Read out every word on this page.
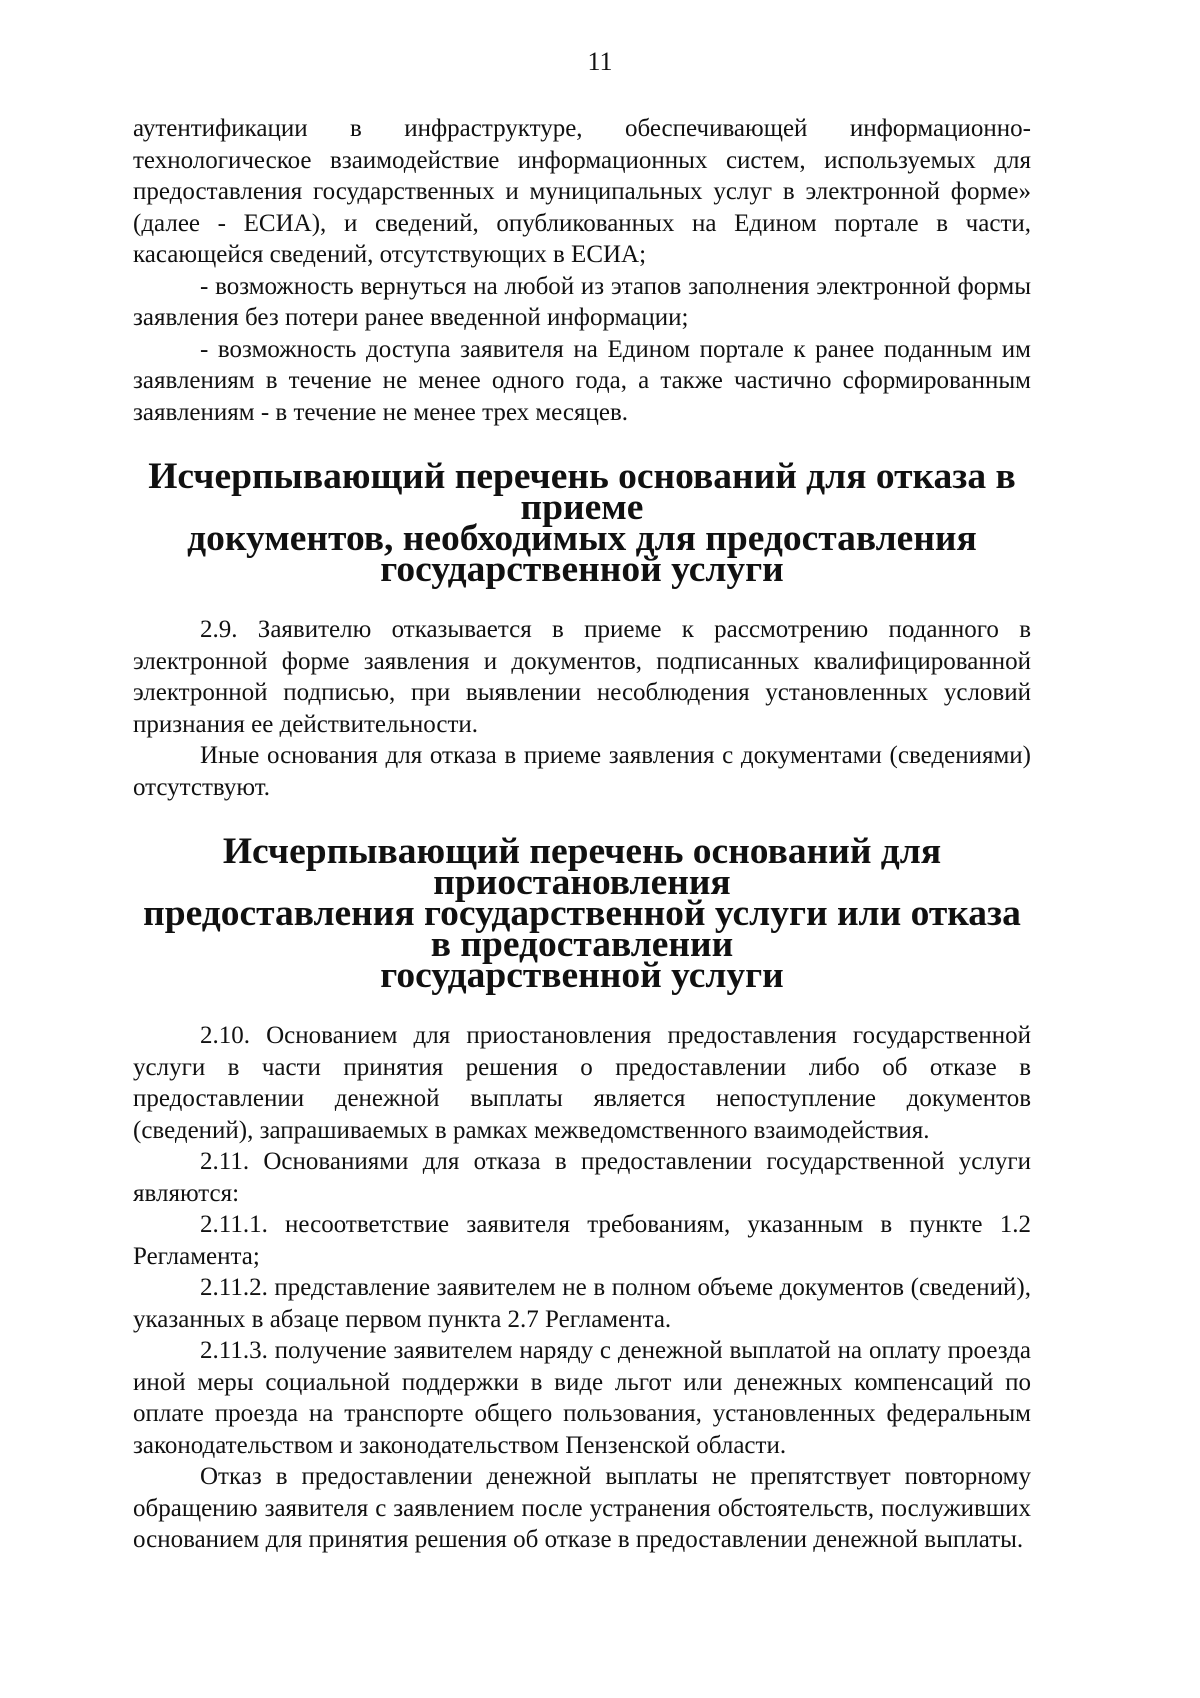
11

аутентификации в инфраструктуре, обеспечивающей информационно-технологическое взаимодействие информационных систем, используемых для предоставления государственных и муниципальных услуг в электронной форме» (далее - ЕСИА), и сведений, опубликованных на Едином портале в части, касающейся сведений, отсутствующих в ЕСИА;

- возможность вернуться на любой из этапов заполнения электронной формы заявления без потери ранее введенной информации;

- возможность доступа заявителя на Едином портале к ранее поданным им заявлениям в течение не менее одного года, а также частично сформированным заявлениям - в течение не менее трех месяцев.

Исчерпывающий перечень оснований для отказа в приеме
документов, необходимых для предоставления
государственной услуги

2.9. Заявителю отказывается в приеме к рассмотрению поданного в электронной форме заявления и документов, подписанных квалифицированной электронной подписью, при выявлении несоблюдения установленных условий признания ее действительности.

Иные основания для отказа в приеме заявления с документами (сведениями) отсутствуют.

Исчерпывающий перечень оснований для приостановления
предоставления государственной услуги или отказа в предоставлении
государственной услуги

2.10. Основанием для приостановления предоставления государственной услуги в части принятия решения о предоставлении либо об отказе в предоставлении денежной выплаты является непоступление документов (сведений), запрашиваемых в рамках межведомственного взаимодействия.

2.11. Основаниями для отказа в предоставлении государственной услуги являются:

2.11.1. несоответствие заявителя требованиям, указанным в пункте 1.2 Регламента;

2.11.2. представление заявителем не в полном объеме документов (сведений), указанных в абзаце первом пункта 2.7 Регламента.

2.11.3. получение заявителем наряду с денежной выплатой на оплату проезда иной меры социальной поддержки в виде льгот или денежных компенсаций по оплате проезда на транспорте общего пользования, установленных федеральным законодательством и законодательством Пензенской области.

Отказ в предоставлении денежной выплаты не препятствует повторному обращению заявителя с заявлением после устранения обстоятельств, послуживших основанием для принятия решения об отказе в предоставлении денежной выплаты.
